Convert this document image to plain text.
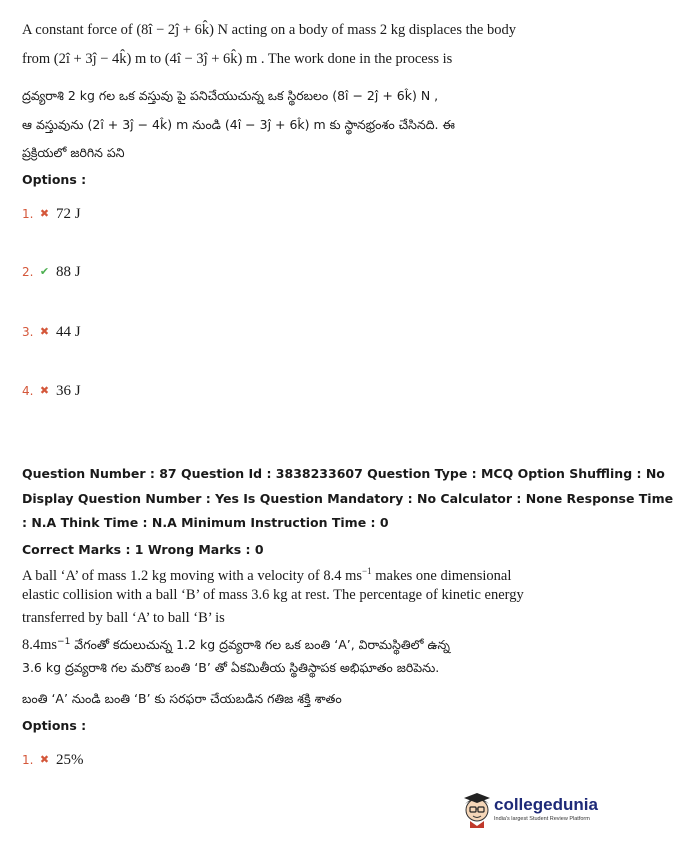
A constant force of (8î − 2ĵ + 6k̂) N acting on a body of mass 2 kg displaces the body
from (2î + 3ĵ − 4k̂) m to (4î − 3ĵ + 6k̂) m . The work done in the process is
ద్రవ్యరాశి 2 kg గల ఒక వస్తువు పై పనిచేయుచున్న ఒక స్థిరబలం (8î − 2ĵ + 6k̂) N ,
ఆ వస్తువును (2î + 3ĵ − 4k̂) m నుండి (4î − 3ĵ + 6k̂) m కు స్థానభ్రంశం చేసినది. ఈ
ప్రక్రియలో జరిగిన పని
Options :
1. ✖ 72 J
2. ✔ 88 J
3. ✖ 44 J
4. ✖ 36 J
Question Number : 87 Question Id : 3838233607 Question Type : MCQ Option Shuffling : No
Display Question Number : Yes Is Question Mandatory : No Calculator : None Response Time
: N.A Think Time : N.A Minimum Instruction Time : 0
Correct Marks : 1 Wrong Marks : 0
A ball ‘A’ of mass 1.2 kg moving with a velocity of 8.4 $ms^{-1}$ makes one dimensional
elastic collision with a ball ‘B’ of mass 3.6 kg at rest. The percentage of kinetic energy
transferred by ball ‘A’ to ball ‘B’ is
$8.4ms^{-1}$ వేగంతో కదులుచున్న 1.2 kg ద్రవ్యరాశి గల ఒక బంతి ‘A’, విరామస్థితిలో ఉన్న
3.6 kg ద్రవ్యరాశి గల మరొక బంతి ‘B’ తో ఏకమితీయ స్థితిస్థాపక అభిఘాతం జరిపెను.
బంతి ‘A’ నుండి బంతి ‘B’ కు సరఫరా చేయబడిన గతిజ శక్తి శాతం
Options :
1. ✖ 25%
collegedunia
India's largest Student Review Platform
